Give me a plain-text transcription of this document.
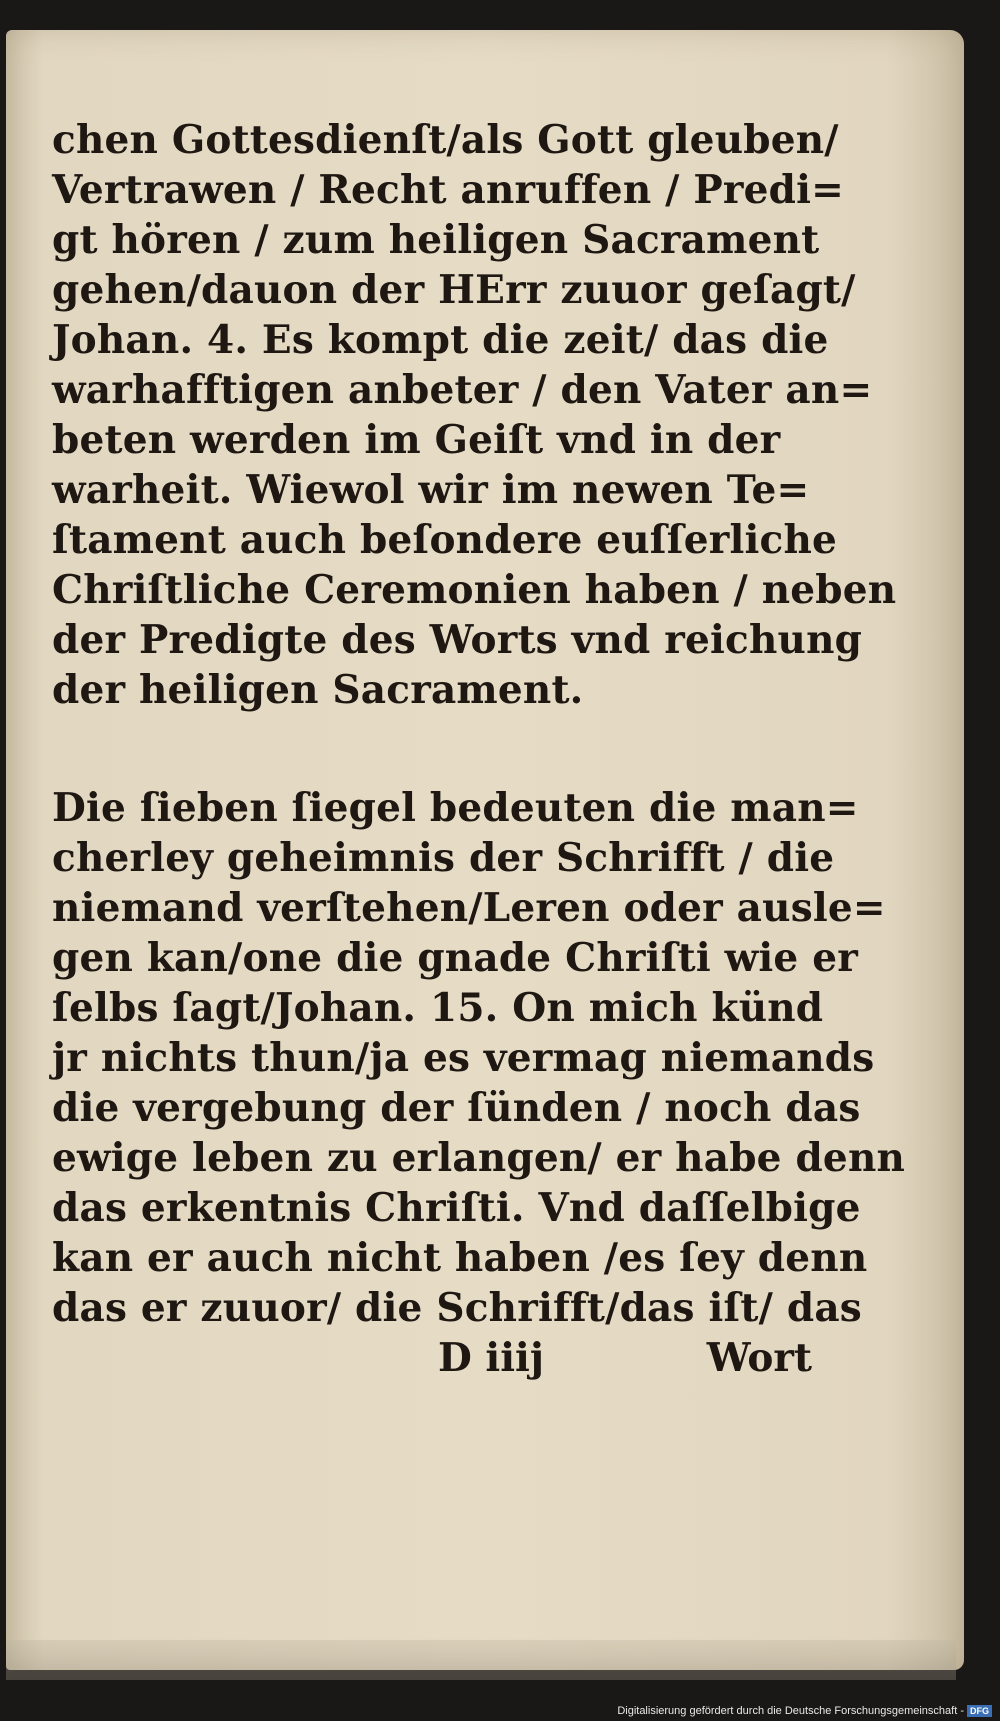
chen Gottesdienſt/als Gott gleuben/
Vertrawen / Recht anruffen / Predi=
gt hören / zum heiligen Sacrament
gehen/dauon der HErr zuuor geſagt/
Johan. 4. Es kompt die zeit/ das die
warhafftigen anbeter / den Vater an=
beten werden im Geiſt vnd in der
warheit. Wiewol wir im newen Te=
ſtament auch beſondere euſſerliche
Chriſtliche Ceremonien haben / neben
der Predigte des Worts vnd reichung
der heiligen Sacrament.
Die ſieben ſiegel bedeuten die man=
cherley geheimnis der Schrifft / die
niemand verſtehen/Leren oder ausle=
gen kan/one die gnade Chriſti wie er
ſelbs ſagt/Johan. 15. On mich künd
jr nichts thun/ja es vermag niemands
die vergebung der ſünden / noch das
ewige leben zu erlangen/ er habe denn
das erkentnis Chriſti. Vnd daſſelbige
kan er auch nicht haben /es ſey denn
das er zuuor/ die Schrifft/das iſt/ das
D iiij	Wort
Digitalisierung gefördert durch die Deutsche Forschungsgemeinschaft - DFG
